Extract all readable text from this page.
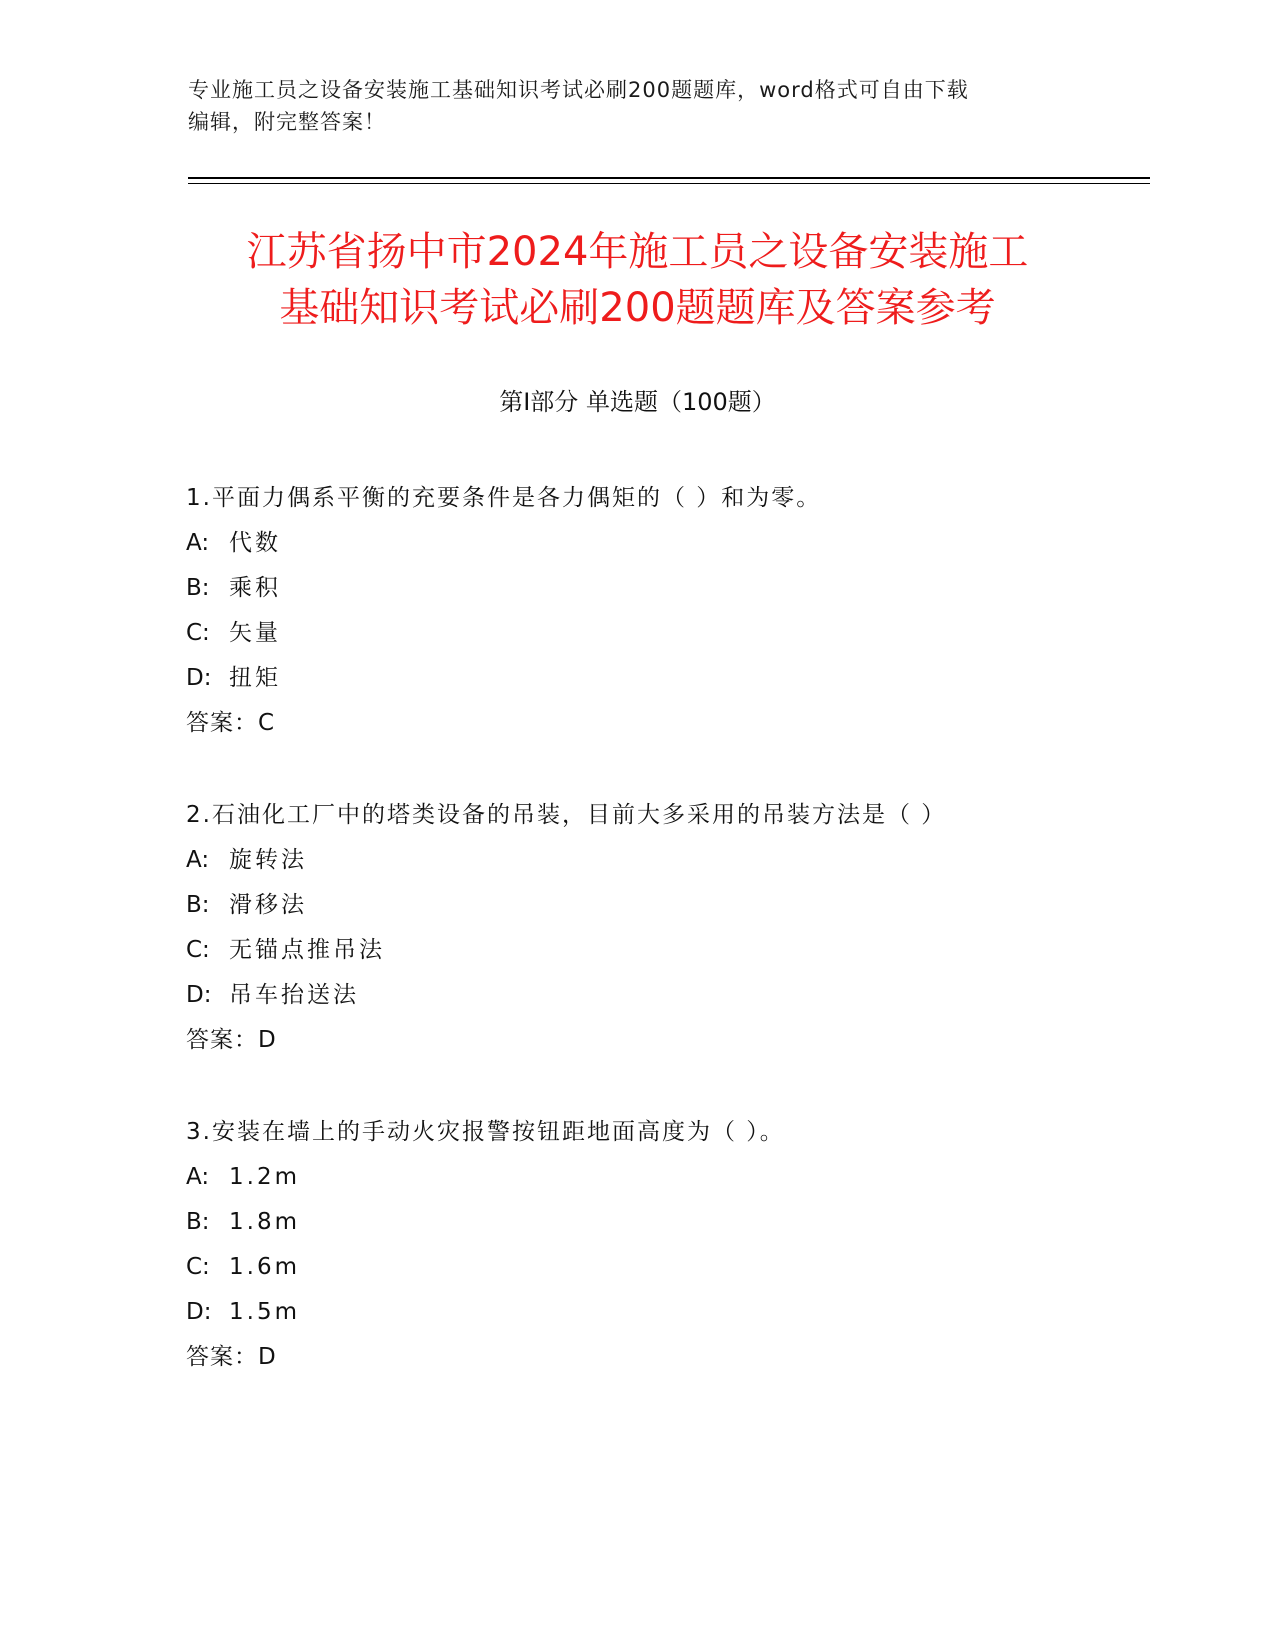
专业施工员之设备安装施工基础知识考试必刷200题题库，word格式可自由下载
编辑，附完整答案！
江苏省扬中市2024年施工员之设备安装施工
基础知识考试必刷200题题库及答案参考
第Ⅰ部分 单选题（100题）
1.平面力偶系平衡的充要条件是各力偶矩的（ ）和为零。
A: 代数
B: 乘积
C: 矢量
D: 扭矩
答案：C
2.石油化工厂中的塔类设备的吊装，目前大多采用的吊装方法是（ ）
A: 旋转法
B: 滑移法
C: 无锚点推吊法
D: 吊车抬送法
答案：D
3.安装在墙上的手动火灾报警按钮距地面高度为（ ）。
A: 1.2m
B: 1.8m
C: 1.6m
D: 1.5m
答案：D
